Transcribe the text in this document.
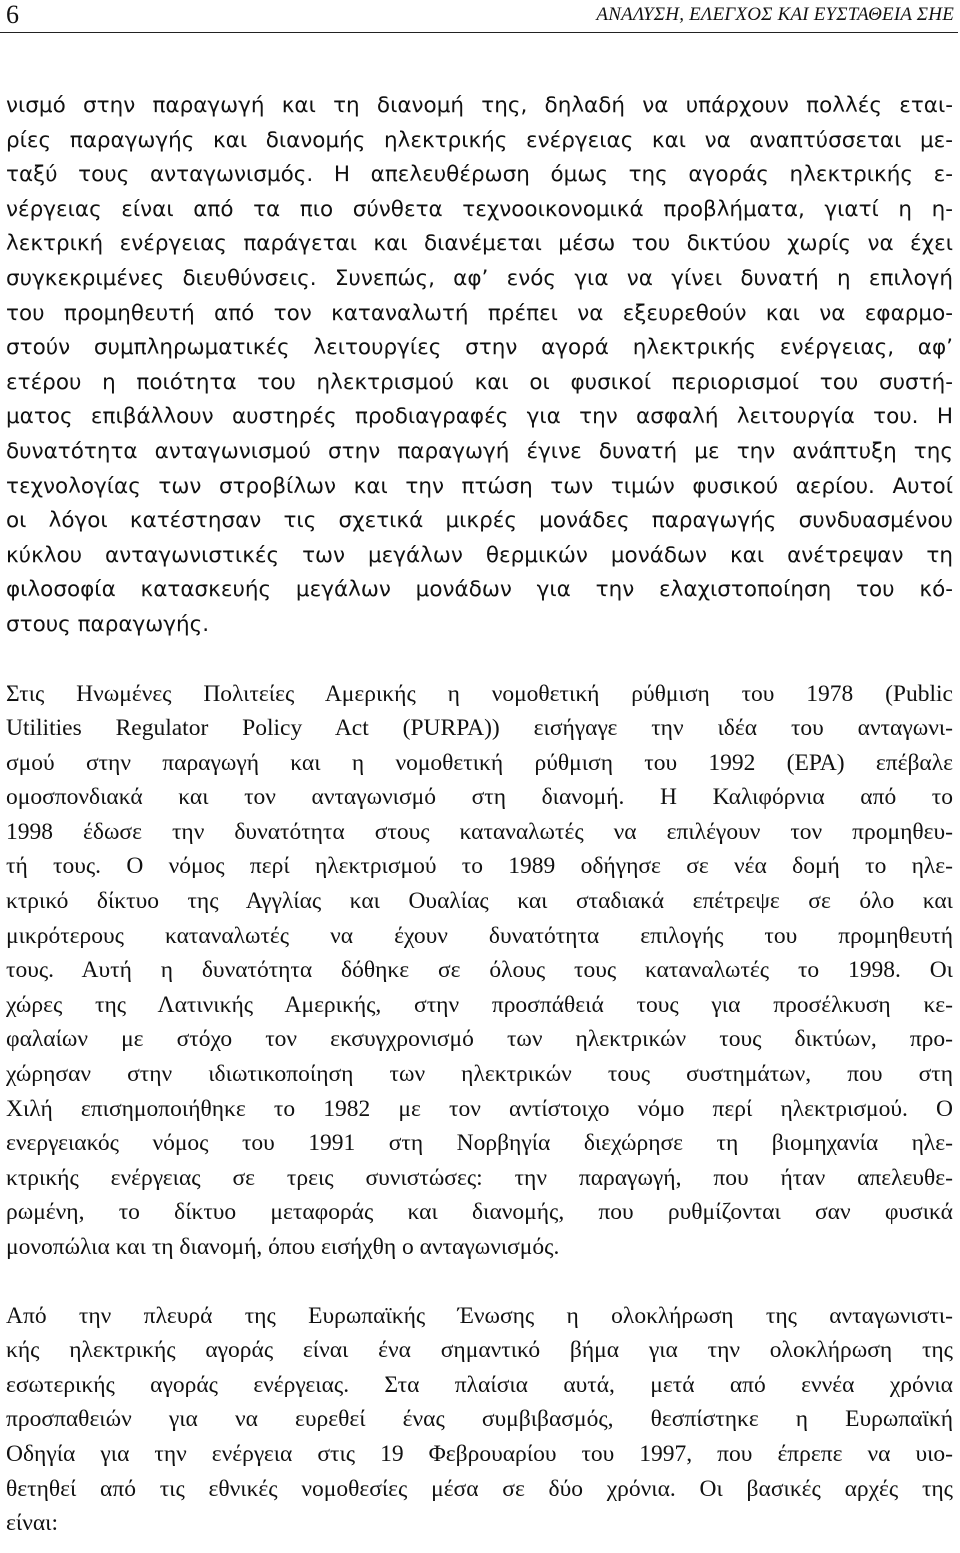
6	ΑΝΑΛΥΣΗ, ΕΛΕΓΧΟΣ ΚΑΙ ΕΥΣΤΑΘΕΙΑ ΣΗΕ

νισμό στην παραγωγή και τη διανομή της, δηλαδή να υπάρχουν πολλές εται-
ρίες παραγωγής και διανομής ηλεκτρικής ενέργειας και να αναπτύσσεται με-
ταξύ τους ανταγωνισμός. Η απελευθέρωση όμως της αγοράς ηλεκτρικής ε-
νέργειας είναι από τα πιο σύνθετα τεχνοοικονομικά προβλήματα, γιατί η η-
λεκτρική ενέργειας παράγεται και διανέμεται μέσω του δικτύου χωρίς να έχει
συγκεκριμένες διευθύνσεις. Συνεπώς, αφ’ ενός για να γίνει δυνατή η επιλογή
του προμηθευτή από τον καταναλωτή πρέπει να εξευρεθούν και να εφαρμο-
στούν συμπληρωματικές λειτουργίες στην αγορά ηλεκτρικής ενέργειας, αφ’
ετέρου η ποιότητα του ηλεκτρισμού και οι φυσικοί περιορισμοί του συστή-
ματος επιβάλλουν αυστηρές προδιαγραφές για την ασφαλή λειτουργία του. Η
δυνατότητα ανταγωνισμού στην παραγωγή έγινε δυνατή με την ανάπτυξη της
τεχνολογίας των στροβίλων και την πτώση των τιμών φυσικού αερίου. Αυτοί
οι λόγοι κατέστησαν τις σχετικά μικρές μονάδες παραγωγής συνδυασμένου
κύκλου ανταγωνιστικές των μεγάλων θερμικών μονάδων και ανέτρεψαν τη
φιλοσοφία κατασκευής μεγάλων μονάδων για την ελαχιστοποίηση του κό-
στους παραγωγής.

Στις Ηνωμένες Πολιτείες Αμερικής η νομοθετική ρύθμιση του 1978 (Public
Utilities Regulator Policy Act (PURPA)) εισήγαγε την ιδέα του ανταγωνι-
σμού στην παραγωγή και η νομοθετική ρύθμιση του 1992 (EPA) επέβαλε
ομοσπονδιακά και τον ανταγωνισμό στη διανομή. Η Καλιφόρνια από το
1998 έδωσε την δυνατότητα στους καταναλωτές να επιλέγουν τον προμηθευ-
τή τους. Ο νόμος περί ηλεκτρισμού το 1989 οδήγησε σε νέα δομή το ηλε-
κτρικό δίκτυο της Αγγλίας και Ουαλίας και σταδιακά επέτρεψε σε όλο και
μικρότερους καταναλωτές να έχουν δυνατότητα επιλογής του προμηθευτή
τους. Αυτή η δυνατότητα δόθηκε σε όλους τους καταναλωτές το 1998. Οι
χώρες της Λατινικής Αμερικής, στην προσπάθειά τους για προσέλκυση κε-
φαλαίων με στόχο τον εκσυγχρονισμό των ηλεκτρικών τους δικτύων, προ-
χώρησαν στην ιδιωτικοποίηση των ηλεκτρικών τους συστημάτων, που στη
Χιλή επισημοποιήθηκε το 1982 με τον αντίστοιχο νόμο περί ηλεκτρισμού. Ο
ενεργειακός νόμος του 1991 στη Νορβηγία διεχώρησε τη βιομηχανία ηλε-
κτρικής ενέργειας σε τρεις συνιστώσες: την παραγωγή, που ήταν απελευθε-
ρωμένη, το δίκτυο μεταφοράς και διανομής, που ρυθμίζονται σαν φυσικά
μονοπώλια και τη διανομή, όπου εισήχθη ο ανταγωνισμός.

Από την πλευρά της Ευρωπαϊκής Ένωσης η ολοκλήρωση της ανταγωνιστι-
κής ηλεκτρικής αγοράς είναι ένα σημαντικό βήμα για την ολοκλήρωση της
εσωτερικής αγοράς ενέργειας. Στα πλαίσια αυτά, μετά από εννέα χρόνια
προσπαθειών για να ευρεθεί ένας συμβιβασμός, θεσπίστηκε η Ευρωπαϊκή
Οδηγία για την ενέργεια στις 19 Φεβρουαρίου του 1997, που έπρεπε να υιο-
θετηθεί από τις εθνικές νομοθεσίες μέσα σε δύο χρόνια. Οι βασικές αρχές της
είναι:
